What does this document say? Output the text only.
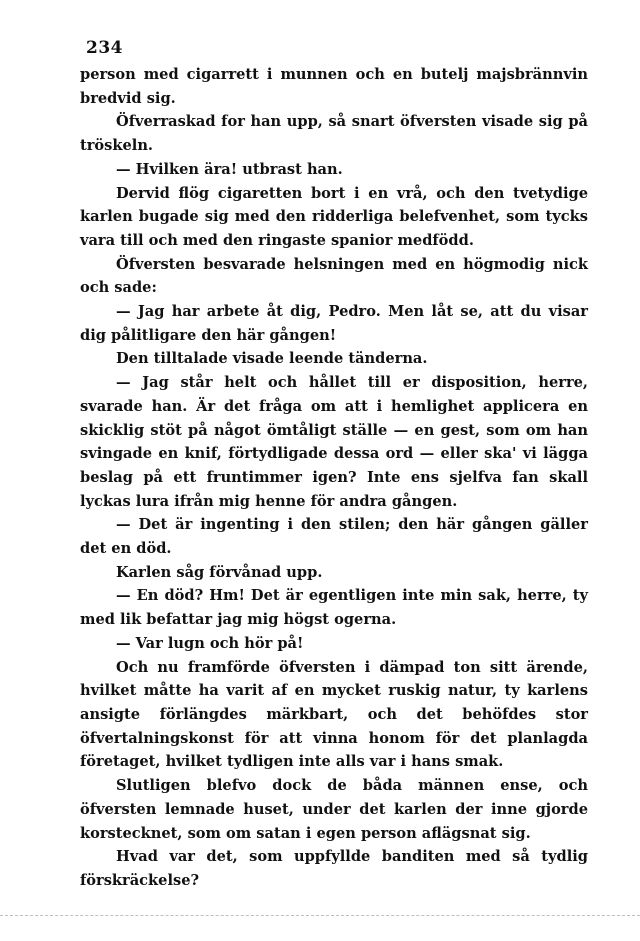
234

person med cigarrett i munnen och en butelj majsbrännvin bredvid sig.

Öfverraskad for han upp, så snart öfversten visade sig på tröskeln.

— Hvilken ära! utbrast han.

Dervid flög cigaretten bort i en vrå, och den tvetydige karlen bugade sig med den ridderliga belefvenhet, som tycks vara till och med den ringaste spanior medfödd.

Öfversten besvarade helsningen med en högmodig nick och sade:

— Jag har arbete åt dig, Pedro. Men låt se, att du visar dig pålitligare den här gången!

Den tilltalade visade leende tänderna.

— Jag står helt och hållet till er disposition, herre, svarade han. Är det fråga om att i hemlighet applicera en skicklig stöt på något ömtåligt ställe — en gest, som om han svingade en knif, förtydligade dessa ord — eller ska' vi lägga beslag på ett fruntimmer igen? Inte ens sjelfva fan skall lyckas lura ifrån mig henne för andra gången.

— Det är ingenting i den stilen; den här gången gäller det en död.

Karlen såg förvånad upp.

— En död? Hm! Det är egentligen inte min sak, herre, ty med lik befattar jag mig högst ogerna.

— Var lugn och hör på!

Och nu framförde öfversten i dämpad ton sitt ärende, hvilket måtte ha varit af en mycket ruskig natur, ty karlens ansigte förlängdes märkbart, och det behöfdes stor öfvertalningskonst för att vinna honom för det planlagda företaget, hvilket tydligen inte alls var i hans smak.

Slutligen blefvo dock de båda männen ense, och öfversten lemnade huset, under det karlen der inne gjorde korstecknet, som om satan i egen person aflägsnat sig.

Hvad var det, som uppfyllde banditen med så tydlig förskräckelse?
